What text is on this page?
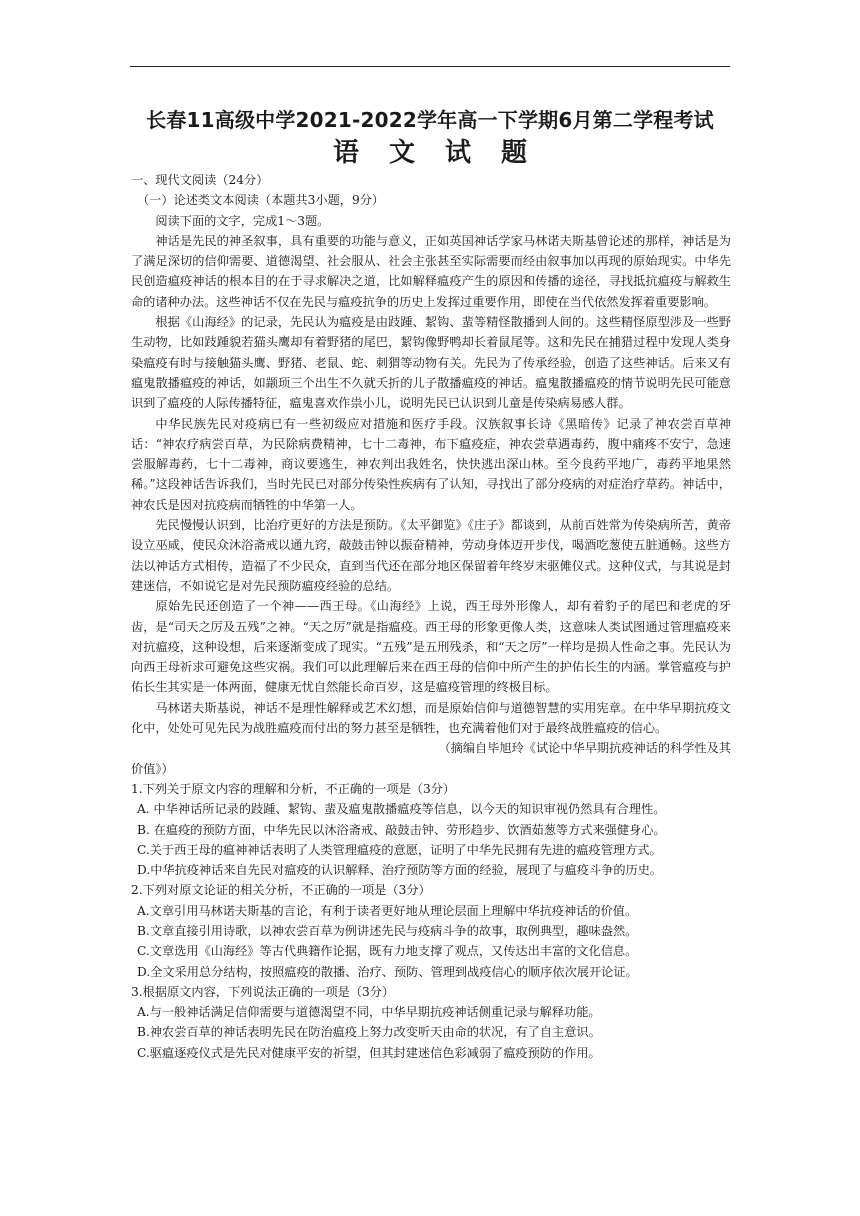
长春11高级中学2021-2022学年高一下学期6月第二学程考试
语文试题

一、现代文阅读（24分）

（一）论述类文本阅读（本题共3小题，9分）

阅读下面的文字，完成1～3题。

神话是先民的神圣叙事，具有重要的功能与意义，正如英国神话学家马林诺夫斯基曾论述的那样，神话是为了满足深切的信仰需要、道德渴望、社会服从、社会主张甚至实际需要而经由叙事加以再现的原始现实。中华先民创造瘟疫神话的根本目的在于寻求解决之道，比如解释瘟疫产生的原因和传播的途径，寻找抵抗瘟疫与解救生命的诸种办法。这些神话不仅在先民与瘟疫抗争的历史上发挥过重要作用，即使在当代依然发挥着重要影响。

根据《山海经》的记录，先民认为瘟疫是由跂踵、絜钩、蜚等精怪散播到人间的。这些精怪原型涉及一些野生动物，比如跂踵貌若猫头鹰却有着野猪的尾巴，絜钩像野鸭却长着鼠尾等。这和先民在捕猎过程中发现人类身染瘟疫有时与接触猫头鹰、野猪、老鼠、蛇、刺猬等动物有关。先民为了传承经验，创造了这些神话。后来又有瘟鬼散播瘟疫的神话，如颛顼三个出生不久就夭折的儿子散播瘟疫的神话。瘟鬼散播瘟疫的情节说明先民可能意识到了瘟疫的人际传播特征，瘟鬼喜欢作祟小儿，说明先民已认识到儿童是传染病易感人群。

中华民族先民对疫病已有一些初级应对措施和医疗手段。汉族叙事长诗《黑暗传》记录了神农尝百草神话：“神农疗病尝百草，为民除病费精神，七十二毒神，布下瘟疫症，神农尝草遇毒药，腹中痛疼不安宁，急速尝服解毒药，七十二毒神，商议要逃生，神农判出我姓名，快快逃出深山林。至今良药平地广，毒药平地果然稀。”这段神话告诉我们，当时先民已对部分传染性疾病有了认知，寻找出了部分疫病的对症治疗草药。神话中，神农氏是因对抗疫病而牺牲的中华第一人。

先民慢慢认识到，比治疗更好的方法是预防。《太平御览》《庄子》都谈到，从前百姓常为传染病所苦，黄帝设立巫咸，使民众沐浴斋戒以通九窍，敲鼓击钟以振奋精神，劳动身体迈开步伐，喝酒吃葱使五脏通畅。这些方法以神话方式相传，造福了不少民众，直到当代还在部分地区保留着年终岁末驱傩仪式。这种仪式，与其说是封建迷信，不如说它是对先民预防瘟疫经验的总结。

原始先民还创造了一个神——西王母。《山海经》上说，西王母外形像人，却有着豹子的尾巴和老虎的牙齿，是“司天之厉及五残”之神。“天之厉”就是指瘟疫。西王母的形象更像人类，这意味人类试图通过管理瘟疫来对抗瘟疫，这种设想，后来逐渐变成了现实。“五残”是五刑残杀，和“天之厉”一样均是损人性命之事。先民认为向西王母祈求可避免这些灾祸。我们可以此理解后来在西王母的信仰中所产生的护佑长生的内涵。掌管瘟疫与护佑长生其实是一体两面，健康无忧自然能长命百岁，这是瘟疫管理的终极目标。

马林诺夫斯基说，神话不是理性解释或艺术幻想，而是原始信仰与道德智慧的实用宪章。在中华早期抗疫文化中，处处可见先民为战胜瘟疫而付出的努力甚至是牺牲，也充满着他们对于最终战胜瘟疫的信心。

（摘编自毕旭玲《试论中华早期抗疫神话的科学性及其

价值》）

1.下列关于原文内容的理解和分析，不正确的一项是（3分）

A. 中华神话所记录的跂踵、絜钩、蜚及瘟鬼散播瘟疫等信息，以今天的知识审视仍然具有合理性。

B. 在瘟疫的预防方面，中华先民以沐浴斋戒、敲鼓击钟、劳形趋步、饮酒茹葱等方式来强健身心。

C.关于西王母的瘟神神话表明了人类管理瘟疫的意愿，证明了中华先民拥有先进的瘟疫管理方式。

D.中华抗疫神话来自先民对瘟疫的认识解释、治疗预防等方面的经验，展现了与瘟疫斗争的历史。

2.下列对原文论证的相关分析，不正确的一项是（3分）

A.文章引用马林诺夫斯基的言论，有利于读者更好地从理论层面上理解中华抗疫神话的价值。

B.文章直接引用诗歌，以神农尝百草为例讲述先民与疫病斗争的故事，取例典型，趣味盎然。

C.文章选用《山海经》等古代典籍作论据，既有力地支撑了观点，又传达出丰富的文化信息。

D.全文采用总分结构，按照瘟疫的散播、治疗、预防、管理到战疫信心的顺序依次展开论证。

3.根据原文内容，下列说法正确的一项是（3分）

A.与一般神话满足信仰需要与道德渴望不同，中华早期抗疫神话侧重记录与解释功能。

B.神农尝百草的神话表明先民在防治瘟疫上努力改变听天由命的状况，有了自主意识。

C.驱瘟逐疫仪式是先民对健康平安的祈望，但其封建迷信色彩减弱了瘟疫预防的作用。
